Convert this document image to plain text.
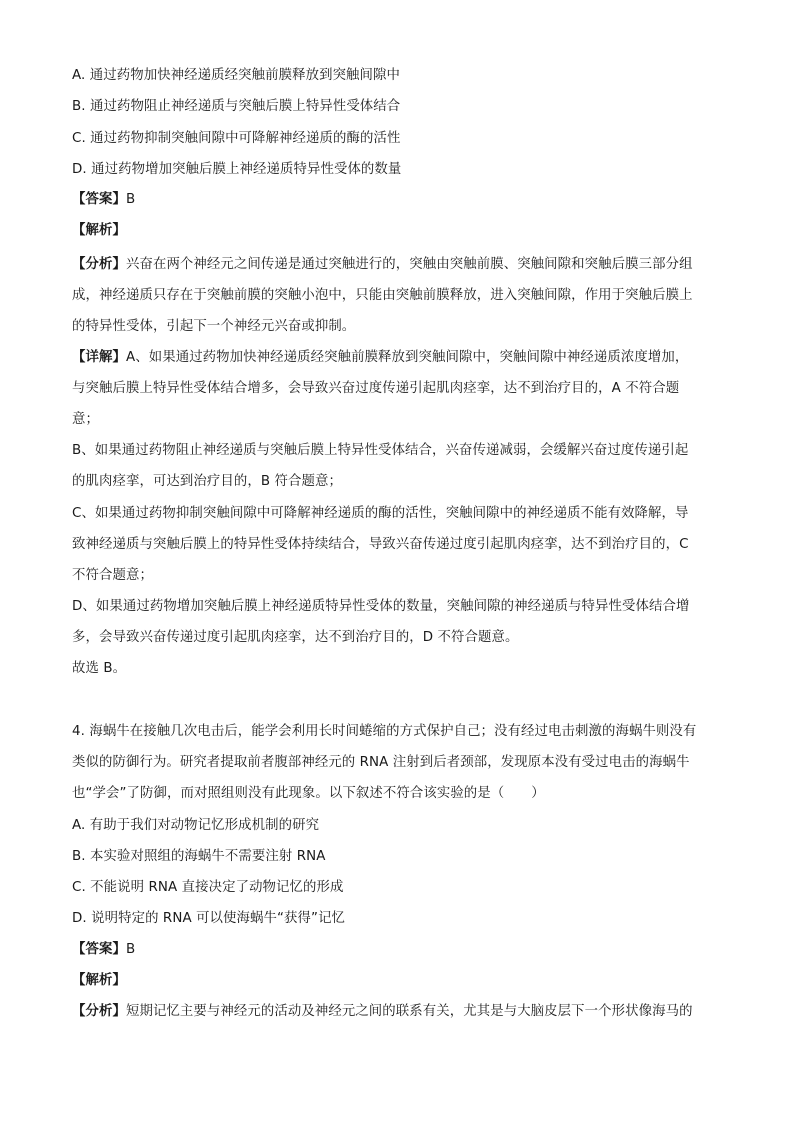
A. 通过药物加快神经递质经突触前膜释放到突触间隙中

B. 通过药物阻止神经递质与突触后膜上特异性受体结合

C. 通过药物抑制突触间隙中可降解神经递质的酶的活性

D. 通过药物增加突触后膜上神经递质特异性受体的数量

【答案】B

【解析】

【分析】兴奋在两个神经元之间传递是通过突触进行的，突触由突触前膜、突触间隙和突触后膜三部分组

成，神经递质只存在于突触前膜的突触小泡中，只能由突触前膜释放，进入突触间隙，作用于突触后膜上

的特异性受体，引起下一个神经元兴奋或抑制。

【详解】A、如果通过药物加快神经递质经突触前膜释放到突触间隙中，突触间隙中神经递质浓度增加，

与突触后膜上特异性受体结合增多，会导致兴奋过度传递引起肌肉痉挛，达不到治疗目的，A 不符合题

意；

B、如果通过药物阻止神经递质与突触后膜上特异性受体结合，兴奋传递减弱，会缓解兴奋过度传递引起

的肌肉痉挛，可达到治疗目的，B 符合题意；

C、如果通过药物抑制突触间隙中可降解神经递质的酶的活性，突触间隙中的神经递质不能有效降解，导

致神经递质与突触后膜上的特异性受体持续结合，导致兴奋传递过度引起肌肉痉挛，达不到治疗目的，C

不符合题意；

D、如果通过药物增加突触后膜上神经递质特异性受体的数量，突触间隙的神经递质与特异性受体结合增

多，会导致兴奋传递过度引起肌肉痉挛，达不到治疗目的，D 不符合题意。

故选 B。

4. 海蜗牛在接触几次电击后，能学会利用长时间蜷缩的方式保护自己；没有经过电击刺激的海蜗牛则没有

类似的防御行为。研究者提取前者腹部神经元的 RNA 注射到后者颈部，发现原本没有受过电击的海蜗牛

也“学会”了防御，而对照组则没有此现象。以下叙述不符合该实验的是（　　）

A. 有助于我们对动物记忆形成机制的研究

B. 本实验对照组的海蜗牛不需要注射 RNA

C. 不能说明 RNA 直接决定了动物记忆的形成

D. 说明特定的 RNA 可以使海蜗牛“获得”记忆

【答案】B

【解析】

【分析】短期记忆主要与神经元的活动及神经元之间的联系有关，尤其是与大脑皮层下一个形状像海马的
